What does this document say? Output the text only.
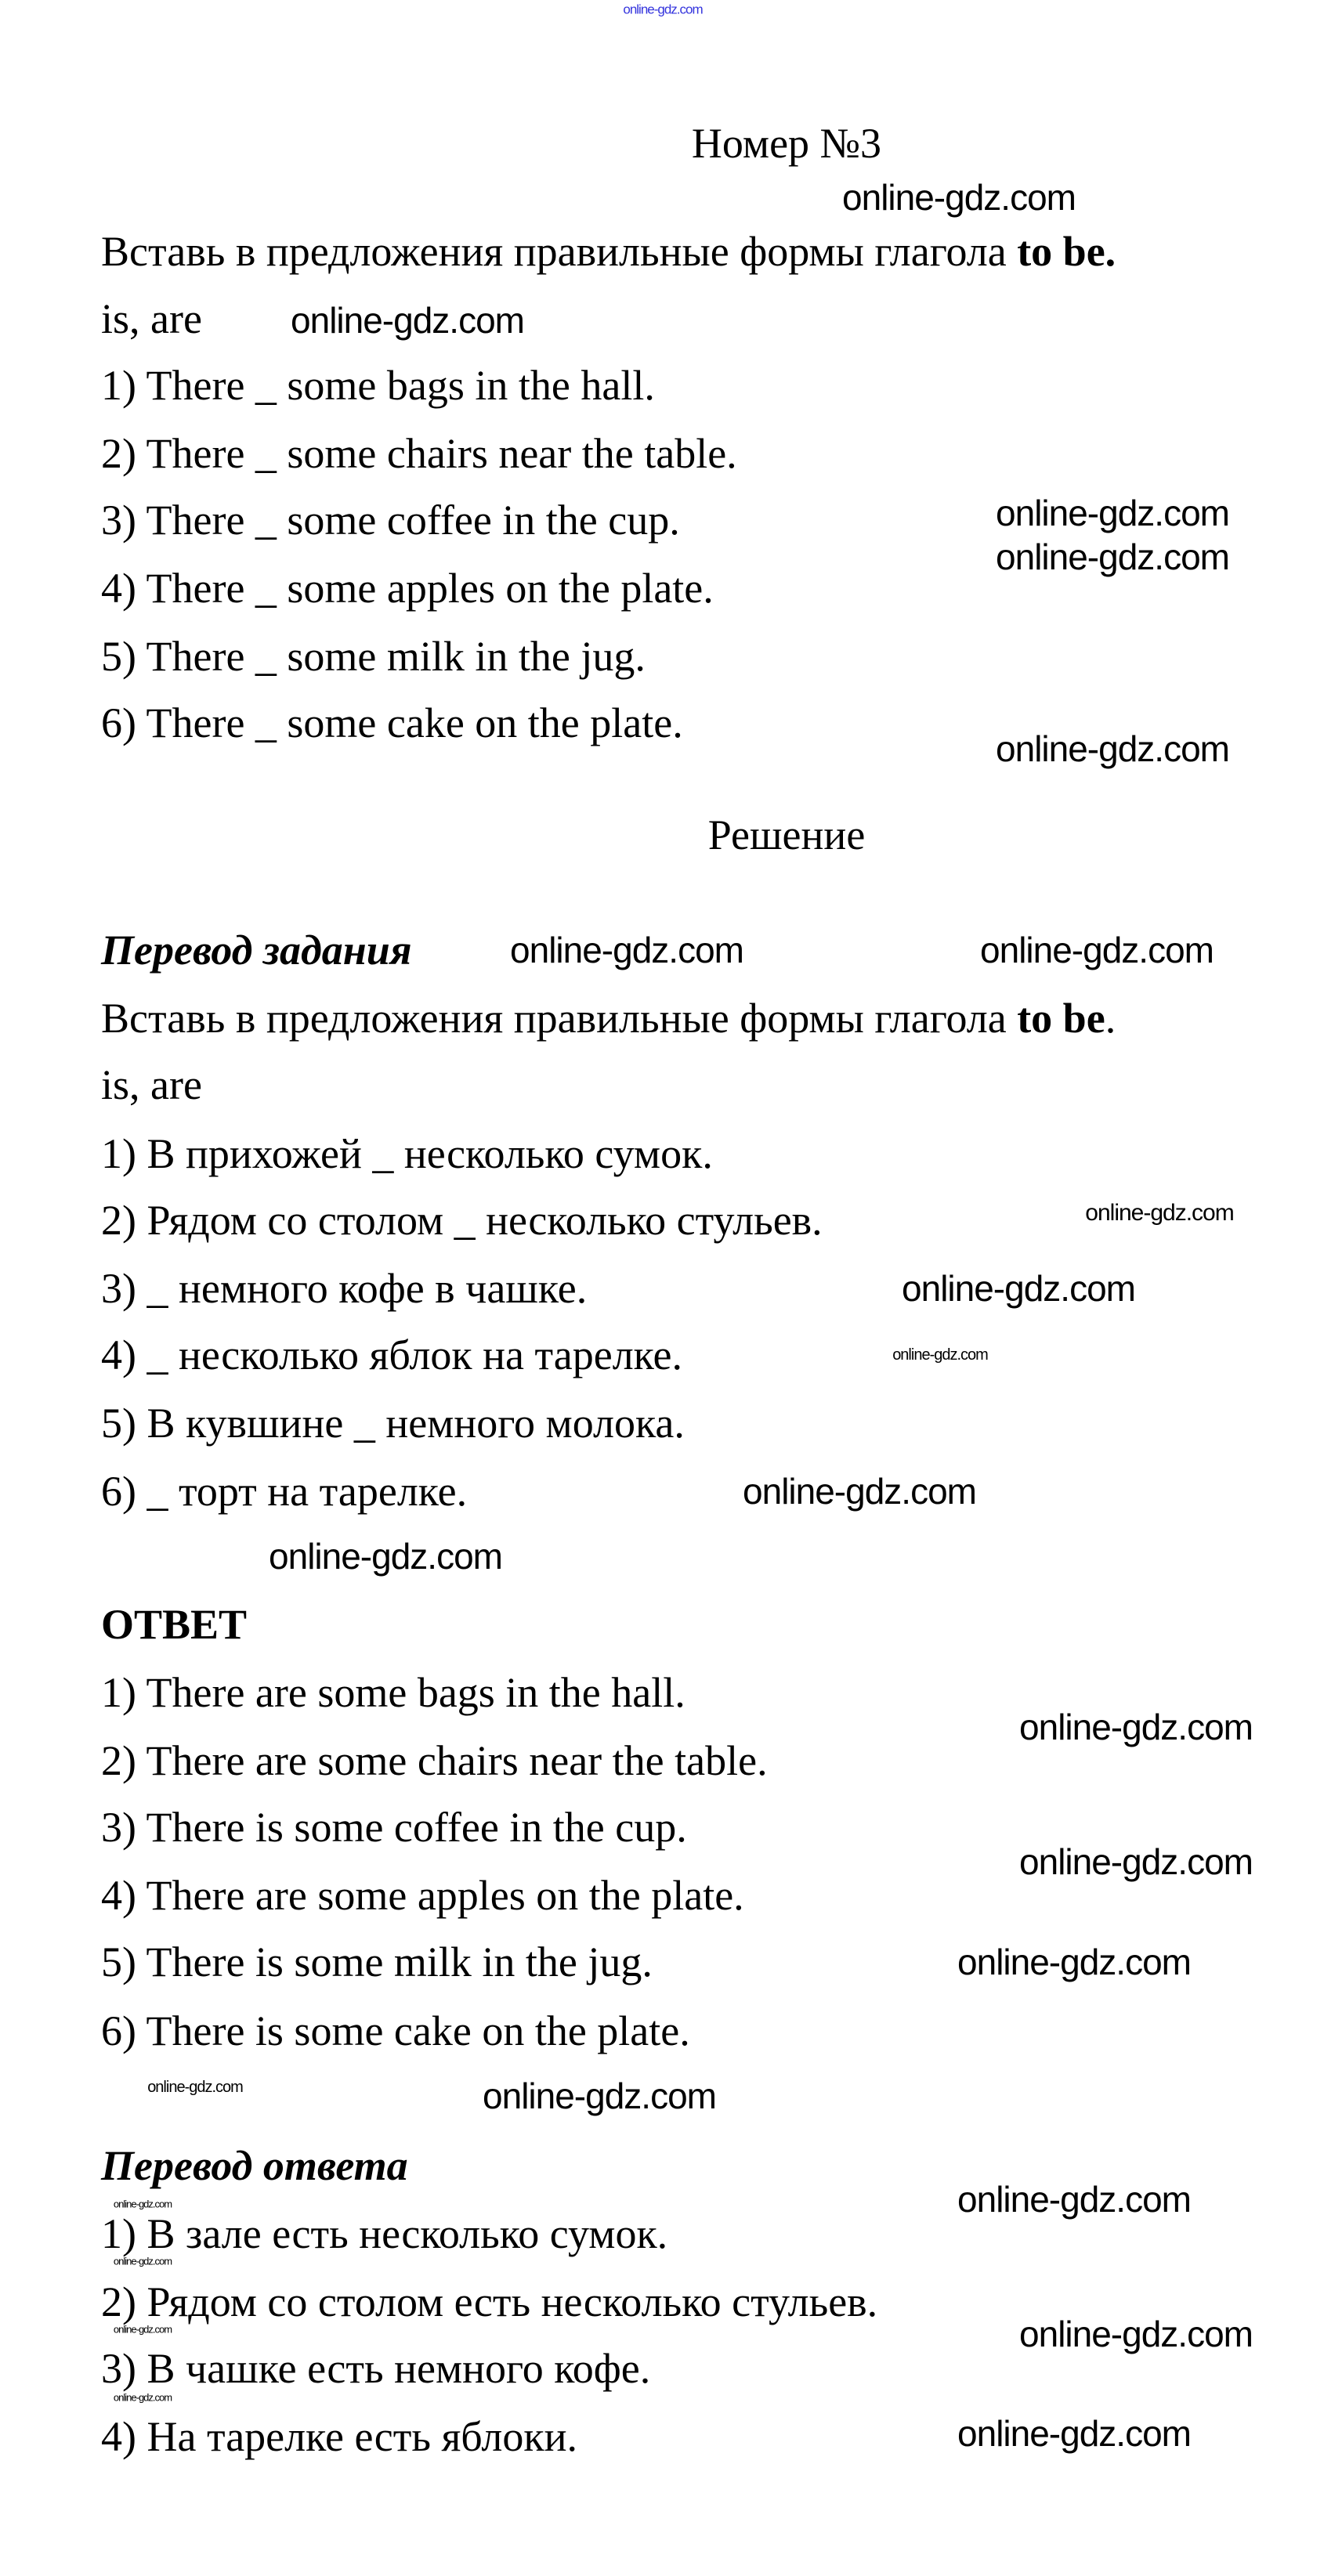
Номер №3
Вставь в предложения правильные формы глагола to be.
is, are
1) There _ some bags in the hall.
2) There _ some chairs near the table.
3) There _ some coffee in the cup.
4) There _ some apples on the plate.
5) There _ some milk in the jug.
6) There _ some cake on the plate.
Решение
Перевод задания
Вставь в предложения правильные формы глагола to be.
is, are
1) В прихожей _ несколько сумок.
2) Рядом со столом _ несколько стульев.
3) _ немного кофе в чашке.
4) _ несколько яблок на тарелке.
5) В кувшине _ немного молока.
6) _ торт на тарелке.
ОТВЕТ
1) There are some bags in the hall.
2) There are some chairs near the table.
3) There is some coffee in the cup.
4) There are some apples on the plate.
5) There is some milk in the jug.
6) There is some cake on the plate.
Перевод ответа
1) В зале есть несколько сумок.
2) Рядом со столом есть несколько стульев.
3) В чашке есть немного кофе.
4) На тарелке есть яблоки.
online-gdz.com
online-gdz.com
online-gdz.com
online-gdz.com
online-gdz.com
online-gdz.com
online-gdz.com	online-gdz.com
online-gdz.com
online-gdz.com
online-gdz.com
online-gdz.com
online-gdz.com
online-gdz.com
online-gdz.com
online-gdz.com
online-gdz.com	online-gdz.com
online-gdz.com
online-gdz.com
online-gdz.com
online-gdz.com
online-gdz.com
online-gdz.com
online-gdz.com
